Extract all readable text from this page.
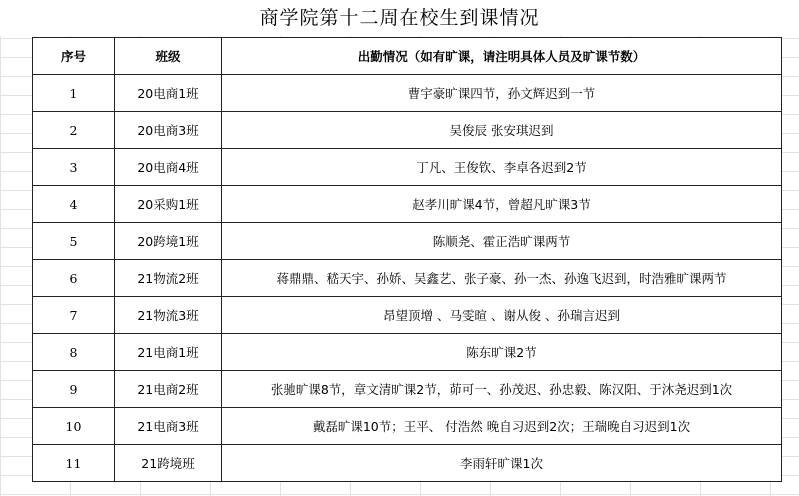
商学院第十二周在校生到课情况
序号	班级	出勤情况（如有旷课，请注明具体人员及旷课节数）
1	20电商1班	曹宇豪旷课四节，孙文辉迟到一节
2	20电商3班	吴俊辰 张安琪迟到
3	20电商4班	丁凡、王俊钦、李卓各迟到2节
4	20采购1班	赵孝川旷课4节，曾超凡旷课3节
5	20跨境1班	陈顺尧、霍正浩旷课两节
6	21物流2班	蒋鼎鼎、嵇天宇、孙娇、吴鑫艺、张子豪、孙一杰、孙逸飞迟到，时浩雅旷课两节
7	21物流3班	昂望顶增 、马雯暄 、谢从俊 、孙瑞言迟到
8	21电商1班	陈东旷课2节
9	21电商2班	张驰旷课8节，章文清旷课2节，茆可一、孙茂迟、孙忠毅、陈汉阳、于沐尧迟到1次
10	21电商3班	戴磊旷课10节；王平、 付浩然 晚自习迟到2次；王瑞晚自习迟到1次
11	21跨境班	李雨轩旷课1次
